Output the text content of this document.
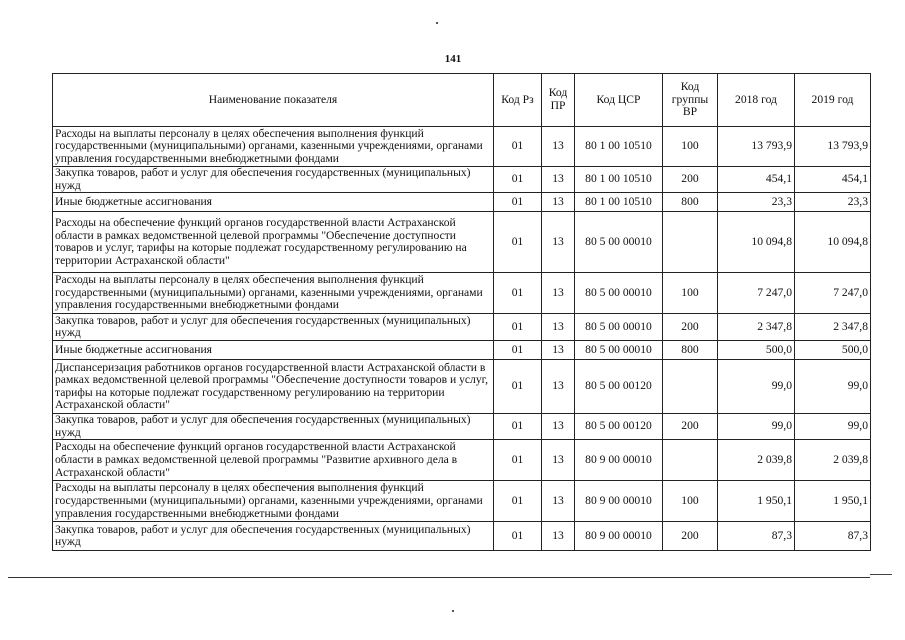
141
Наименование показателя	Код Рз	Код ПР	Код ЦСР	Код группы ВР	2018 год	2019 год
Расходы на выплаты персоналу в целях обеспечения выполнения функций государственными (муниципальными) органами, казенными учреждениями, органами управления государственными внебюджетными фондами	01	13	80 1 00 10510	100	13 793,9	13 793,9
Закупка товаров, работ и услуг для обеспечения государственных (муниципальных) нужд	01	13	80 1 00 10510	200	454,1	454,1
Иные бюджетные ассигнования	01	13	80 1 00 10510	800	23,3	23,3
Расходы на обеспечение функций органов государственной власти Астраханской области в рамках ведомственной целевой программы "Обеспечение доступности товаров и услуг, тарифы на которые подлежат государственному регулированию на территории Астраханской области"	01	13	80 5 00 00010		10 094,8	10 094,8
Расходы на выплаты персоналу в целях обеспечения выполнения функций государственными (муниципальными) органами, казенными учреждениями, органами управления государственными внебюджетными фондами	01	13	80 5 00 00010	100	7 247,0	7 247,0
Закупка товаров, работ и услуг для обеспечения государственных (муниципальных) нужд	01	13	80 5 00 00010	200	2 347,8	2 347,8
Иные бюджетные ассигнования	01	13	80 5 00 00010	800	500,0	500,0
Диспансеризация работников органов государственной власти Астраханской области в рамках ведомственной целевой программы "Обеспечение доступности товаров и услуг, тарифы на которые подлежат государственному регулированию на территории Астраханской области"	01	13	80 5 00 00120		99,0	99,0
Закупка товаров, работ и услуг для обеспечения государственных (муниципальных) нужд	01	13	80 5 00 00120	200	99,0	99,0
Расходы на обеспечение функций органов государственной власти Астраханской области в рамках ведомственной целевой программы "Развитие архивного дела в Астраханской области"	01	13	80 9 00 00010		2 039,8	2 039,8
Расходы на выплаты персоналу в целях обеспечения выполнения функций государственными (муниципальными) органами, казенными учреждениями, органами управления государственными внебюджетными фондами	01	13	80 9 00 00010	100	1 950,1	1 950,1
Закупка товаров, работ и услуг для обеспечения государственных (муниципальных) нужд	01	13	80 9 00 00010	200	87,3	87,3
